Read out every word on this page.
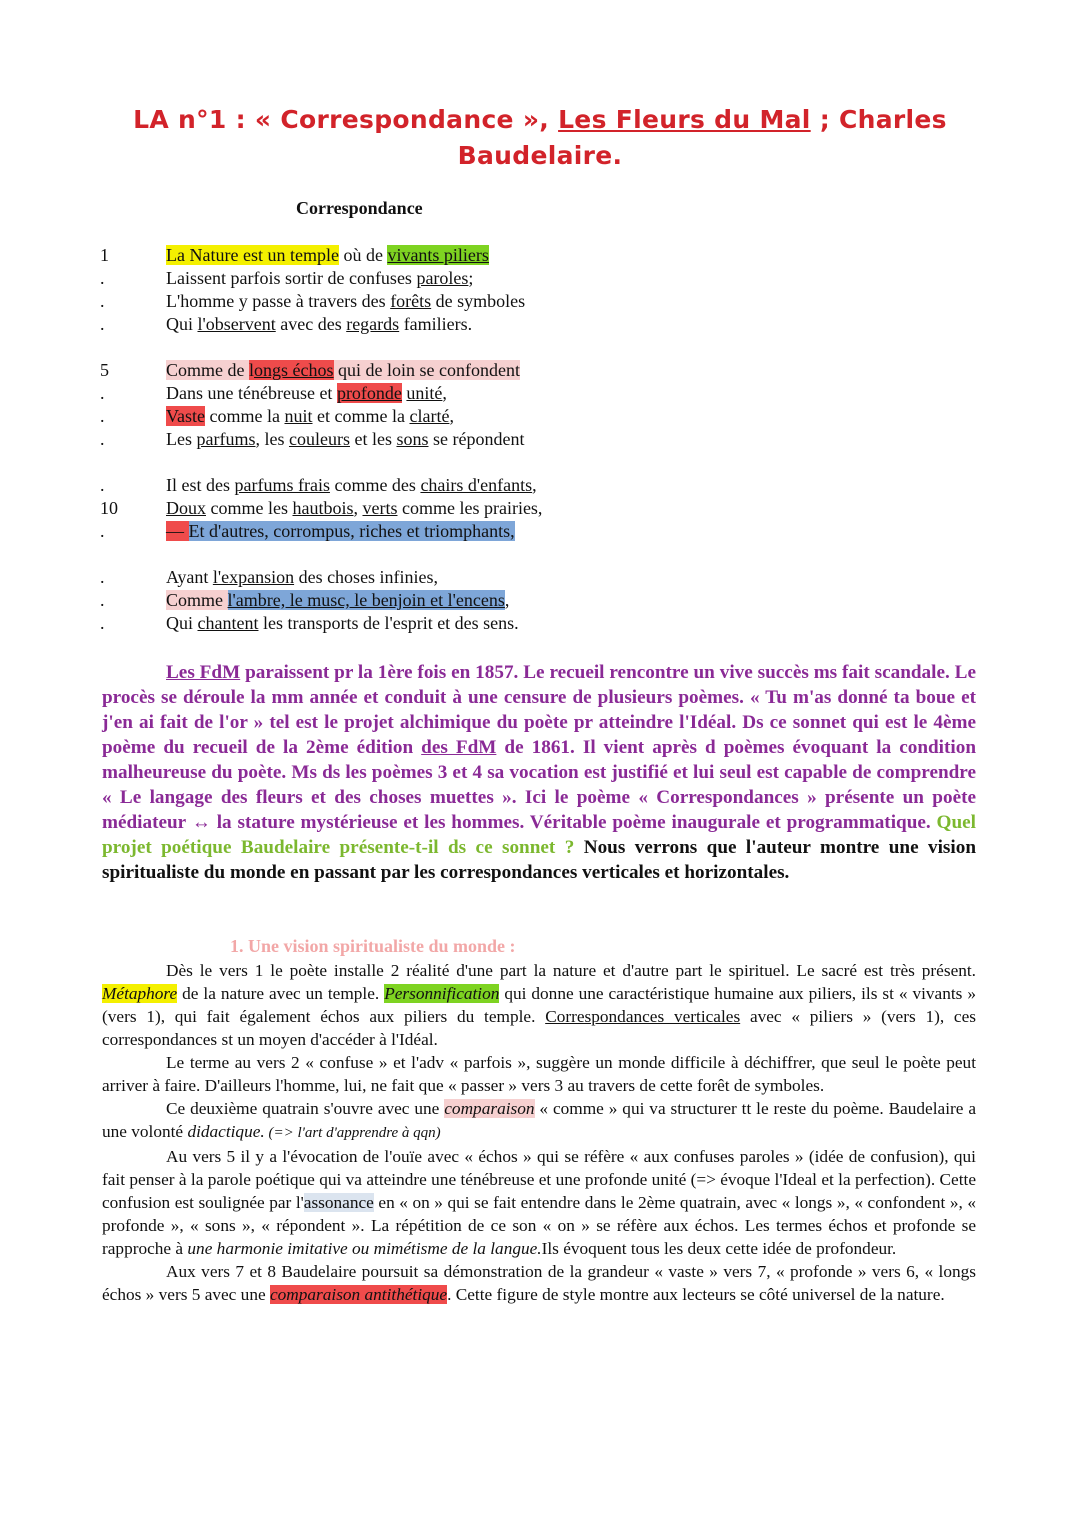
LA n°1 : « Correspondance », Les Fleurs du Mal ; Charles
Baudelaire.
Correspondance
1	La Nature est un temple où de vivants piliers
.	Laissent parfois sortir de confuses paroles;
.	L'homme y passe à travers des forêts de symboles
.	Qui l'observent avec des regards familiers.
5	Comme de longs échos qui de loin se confondent
.	Dans une ténébreuse et profonde unité,
.	Vaste comme la nuit et comme la clarté,
.	Les parfums, les couleurs et les sons se répondent
.	Il est des parfums frais comme des chairs d'enfants,
10	Doux comme les hautbois, verts comme les prairies,
.	— Et d'autres, corrompus, riches et triomphants,
.	Ayant l'expansion des choses infinies,
.	Comme l'ambre, le musc, le benjoin et l'encens,
.	Qui chantent les transports de l'esprit et des sens.
Les FdM paraissent pr la 1ère fois en 1857. Le recueil rencontre un vive succès ms fait scandale. Le procès se déroule la mm année et conduit à une censure de plusieurs poèmes. « Tu m'as donné ta boue et j'en ai fait de l'or » tel est le projet alchimique du poète pr atteindre l'Idéal. Ds ce sonnet qui est le 4ème poème du recueil de la 2ème édition des FdM de 1861. Il vient après d poèmes évoquant la condition malheureuse du poète. Ms ds les poèmes 3 et 4 sa vocation est justifié et lui seul est capable de comprendre « Le langage des fleurs et des choses muettes ». Ici le poème « Correspondances » présente un poète médiateur ↔ la stature mystérieuse et les hommes. Véritable poème inaugurale et programmatique. Quel projet poétique Baudelaire présente-t-il ds ce sonnet ? Nous verrons que l'auteur montre une vision spiritualiste du monde en passant par les correspondances verticales et horizontales.
1. Une vision spiritualiste du monde :

Dès le vers 1 le poète installe 2 réalité d'une part la nature et d'autre part le spirituel. Le sacré est très présent. Métaphore de la nature avec un temple. Personnification qui donne une caractéristique humaine aux piliers, ils st « vivants » (vers 1), qui fait également échos aux piliers du temple. Correspondances verticales avec « piliers » (vers 1), ces correspondances st un moyen d'accéder à l'Idéal.

Le terme au vers 2 « confuse » et l'adv « parfois », suggère un monde difficile à déchiffrer, que seul le poète peut arriver à faire. D'ailleurs l'homme, lui, ne fait que « passer » vers 3 au travers de cette forêt de symboles.

Ce deuxième quatrain s'ouvre avec une comparaison « comme » qui va structurer tt le reste du poème. Baudelaire a une volonté didactique. (=> l'art d'apprendre à qqn)

Au vers 5 il y a l'évocation de l'ouïe avec « échos » qui se réfère « aux confuses paroles » (idée de confusion), qui fait penser à la parole poétique qui va atteindre une ténébreuse et une profonde unité (=> évoque l'Ideal et la perfection). Cette confusion est soulignée par l'assonance en « on » qui se fait entendre dans le 2ème quatrain, avec « longs », « confondent », « profonde », « sons », « répondent ». La répétition de ce son « on » se réfère aux échos. Les termes échos et profonde se rapproche à une harmonie imitative ou mimétisme de la langue.Ils évoquent tous les deux cette idée de profondeur.

Aux vers 7 et 8 Baudelaire poursuit sa démonstration de la grandeur « vaste » vers 7, « profonde » vers 6, « longs échos » vers 5 avec une comparaison antithétique. Cette figure de style montre aux lecteurs se côté universel de la nature.
